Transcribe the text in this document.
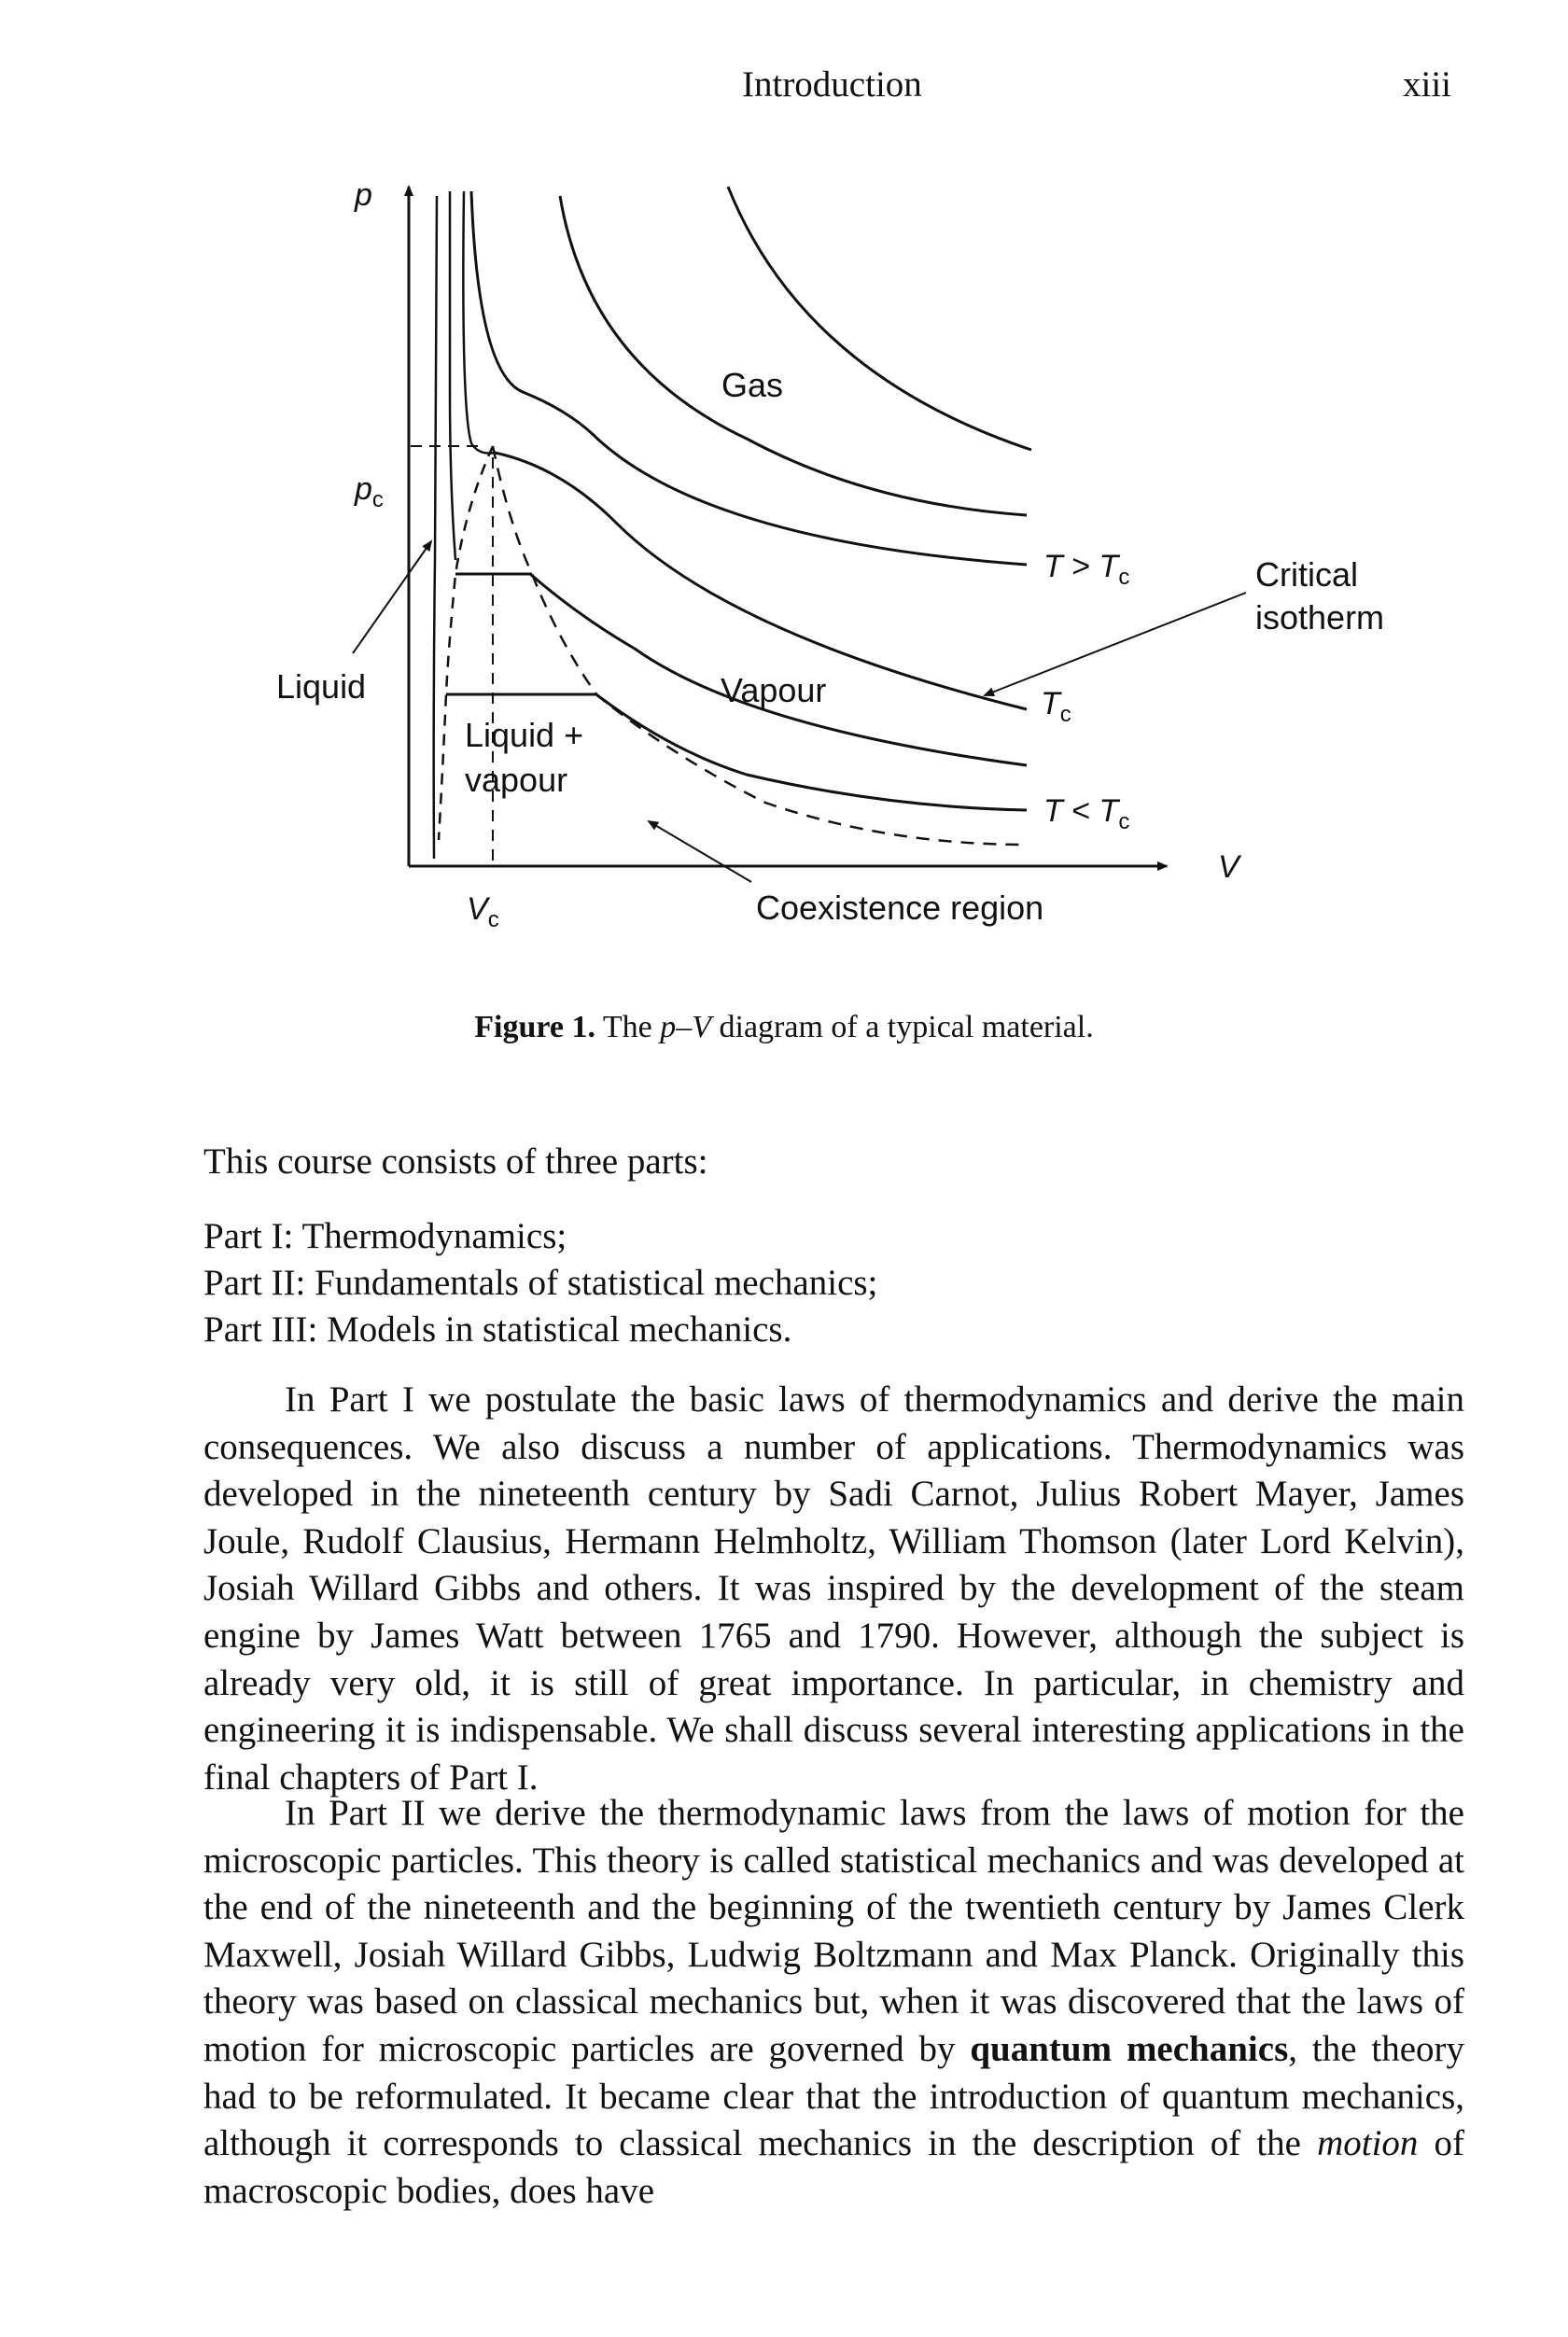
Introduction	xiii
p
$p_c$
V
$V_c$
Gas
Vapour
Liquid
Liquid +
vapour
Coexistence region
$T > T_c$
$T_c$
$T < T_c$
Critical
isotherm
Figure 1. The p–V diagram of a typical material.
This course consists of three parts:
Part I: Thermodynamics;
Part II: Fundamentals of statistical mechanics;
Part III: Models in statistical mechanics.

In Part I we postulate the basic laws of thermodynamics and derive the main consequences. We also discuss a number of applications. Thermodynamics was developed in the nineteenth century by Sadi Carnot, Julius Robert Mayer, James Joule, Rudolf Clausius, Hermann Helmholtz, William Thomson (later Lord Kelvin), Josiah Willard Gibbs and others. It was inspired by the development of the steam engine by James Watt between 1765 and 1790. However, although the subject is already very old, it is still of great importance. In particular, in chemistry and engineering it is indispensable. We shall discuss several interesting applications in the final chapters of Part I.

In Part II we derive the thermodynamic laws from the laws of motion for the microscopic particles. This theory is called statistical mechanics and was developed at the end of the nineteenth and the beginning of the twentieth century by James Clerk Maxwell, Josiah Willard Gibbs, Ludwig Boltzmann and Max Planck. Originally this theory was based on classical mechanics but, when it was discovered that the laws of motion for microscopic particles are governed by quantum mechanics, the theory had to be reformulated. It became clear that the introduction of quantum mechanics, although it corresponds to classical mechanics in the description of the motion of macroscopic bodies, does have
